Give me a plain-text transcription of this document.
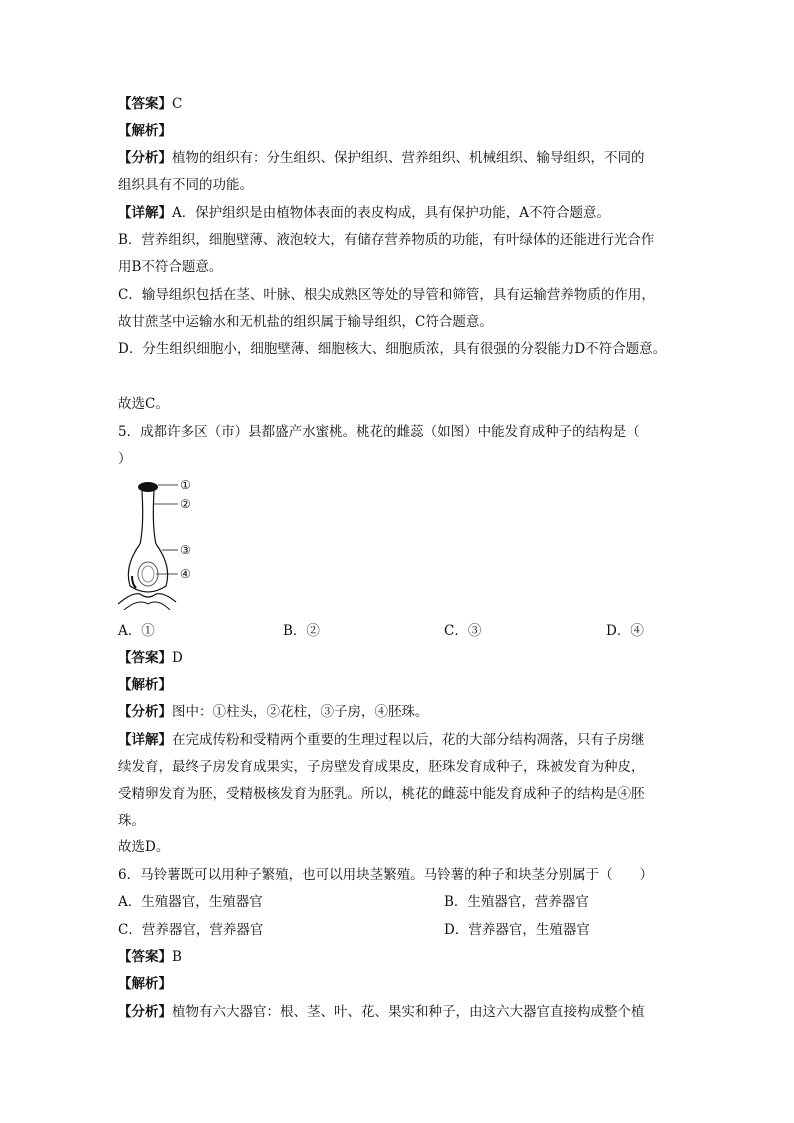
【答案】C
【解析】
【分析】植物的组织有：分生组织、保护组织、营养组织、机械组织、输导组织，不同的
组织具有不同的功能。
【详解】A．保护组织是由植物体表面的表皮构成，具有保护功能，A不符合题意。
B．营养组织，细胞壁薄、液泡较大，有储存营养物质的功能，有叶绿体的还能进行光合作
用B不符合题意。
C．输导组织包括在茎、叶脉、根尖成熟区等处的导管和筛管，具有运输营养物质的作用，
故甘蔗茎中运输水和无机盐的组织属于输导组织，C符合题意。
D．分生组织细胞小，细胞壁薄、细胞核大、细胞质浓，具有很强的分裂能力D不符合题意。
故选C。
5．成都许多区（市）县都盛产水蜜桃。桃花的雌蕊（如图）中能发育成种子的结构是（
）
①
②
③
④
A．①	B．②	C．③	D．④
【答案】D
【解析】
【分析】图中：①柱头，②花柱，③子房，④胚珠。
【详解】在完成传粉和受精两个重要的生理过程以后，花的大部分结构凋落，只有子房继
续发育，最终子房发育成果实，子房壁发育成果皮，胚珠发育成种子，珠被发育为种皮，
受精卵发育为胚，受精极核发育为胚乳。所以，桃花的雌蕊中能发育成种子的结构是④胚
珠。
故选D。
6．马铃薯既可以用种子繁殖，也可以用块茎繁殖。马铃薯的种子和块茎分别属于（　　）
A．生殖器官，生殖器官	B．生殖器官，营养器官
C．营养器官，营养器官	D．营养器官，生殖器官
【答案】B
【解析】
【分析】植物有六大器官：根、茎、叶、花、果实和种子，由这六大器官直接构成整个植
